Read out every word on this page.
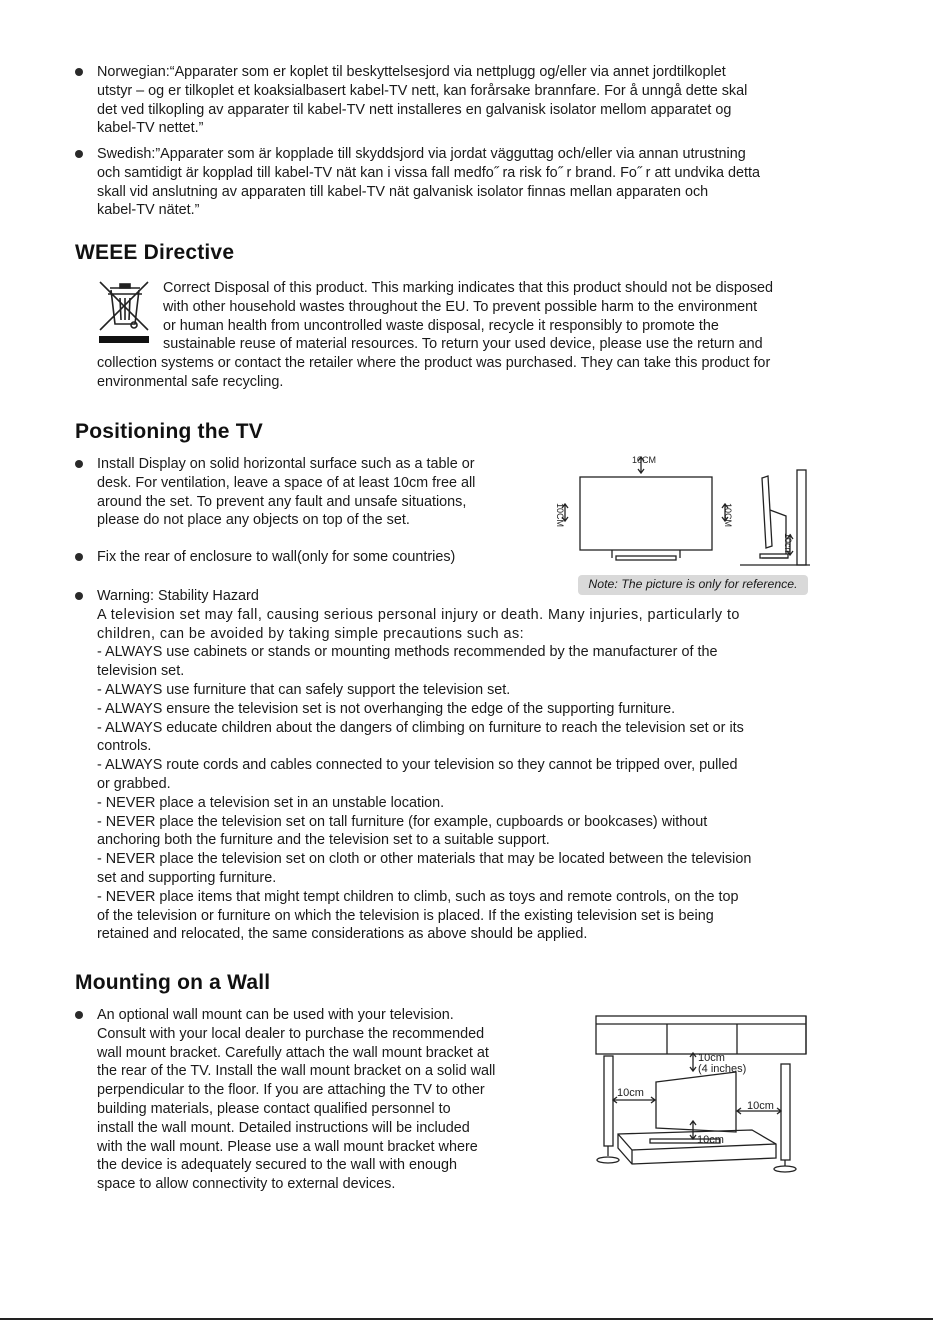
Norwegian:“Apparater som er koplet til beskyttelsesjord via nettplugg og/eller via annet jordtilkoplet
utstyr – og er tilkoplet et koaksialbasert kabel-TV nett, kan forårsake brannfare. For å unngå dette skal
det ved tilkopling av apparater til kabel-TV nett installeres en galvanisk isolator mellom apparatet og
kabel-TV nettet.”
Swedish:”Apparater som är kopplade till skyddsjord via jordat vägguttag och/eller via annan utrustning
och samtidigt är kopplad till kabel-TV nät kan i vissa fall medfo˝ ra risk fo˝ r brand. Fo˝ r att undvika detta
skall vid anslutning av apparaten till kabel-TV nät galvanisk isolator finnas mellan apparaten och
kabel-TV nätet.”
WEEE Directive
Correct Disposal of this product. This marking indicates that this product should not be disposed
with other household wastes throughout the EU. To prevent possible harm to the environment
or human health from uncontrolled waste disposal, recycle it responsibly to promote the
sustainable reuse of material resources. To return your used device, please use the return and
collection systems or contact the retailer where the product was purchased. They can take this product for
environmental safe recycling.
Positioning the TV
Install Display on solid horizontal surface such as a table or
desk. For ventilation, leave a space of at least 10cm free all
around the set. To prevent any fault and unsafe situations,
please do not place any objects on top of the set.
Fix the rear of enclosure to wall(only for some countries)
10CM
10CM	10CM
10cm
Note: The picture is only for reference.
Warning: Stability Hazard
A television set may fall, causing serious personal injury or death. Many injuries, particularly to
children, can be avoided by taking simple precautions such as:
- ALWAYS use cabinets or stands or mounting methods recommended by the manufacturer of the
television set.
- ALWAYS use furniture that can safely support the television set.
- ALWAYS ensure the television set is not overhanging the edge of the supporting furniture.
- ALWAYS educate children about the dangers of climbing on furniture to reach the television set or its
controls.
- ALWAYS route cords and cables connected to your television so they cannot be tripped over, pulled
or grabbed.
- NEVER place a television set in an unstable location.
- NEVER place the television set on tall furniture (for example, cupboards or bookcases) without
anchoring both the furniture and the television set to a suitable support.
- NEVER place the television set on cloth or other materials that may be located between the television
set and supporting furniture.
- NEVER place items that might tempt children to climb, such as toys and remote controls, on the top
of the television or furniture on which the television is placed. If the existing television set is being
retained and relocated, the same considerations as above should be applied.
Mounting on a Wall
An optional wall mount can be used with your television.
Consult with your local dealer to purchase the recommended
wall mount bracket. Carefully attach the wall mount bracket at
the rear of the TV. Install the wall mount bracket on a solid wall
perpendicular to the floor. If you are attaching the TV to other
building materials, please contact qualified personnel to
install the wall mount. Detailed instructions will be included
with the wall mount. Please use a wall mount bracket where
the device is adequately secured to the wall with enough
space to allow connectivity to external devices.
10cm
(4 inches)
10cm
10cm
10cm
